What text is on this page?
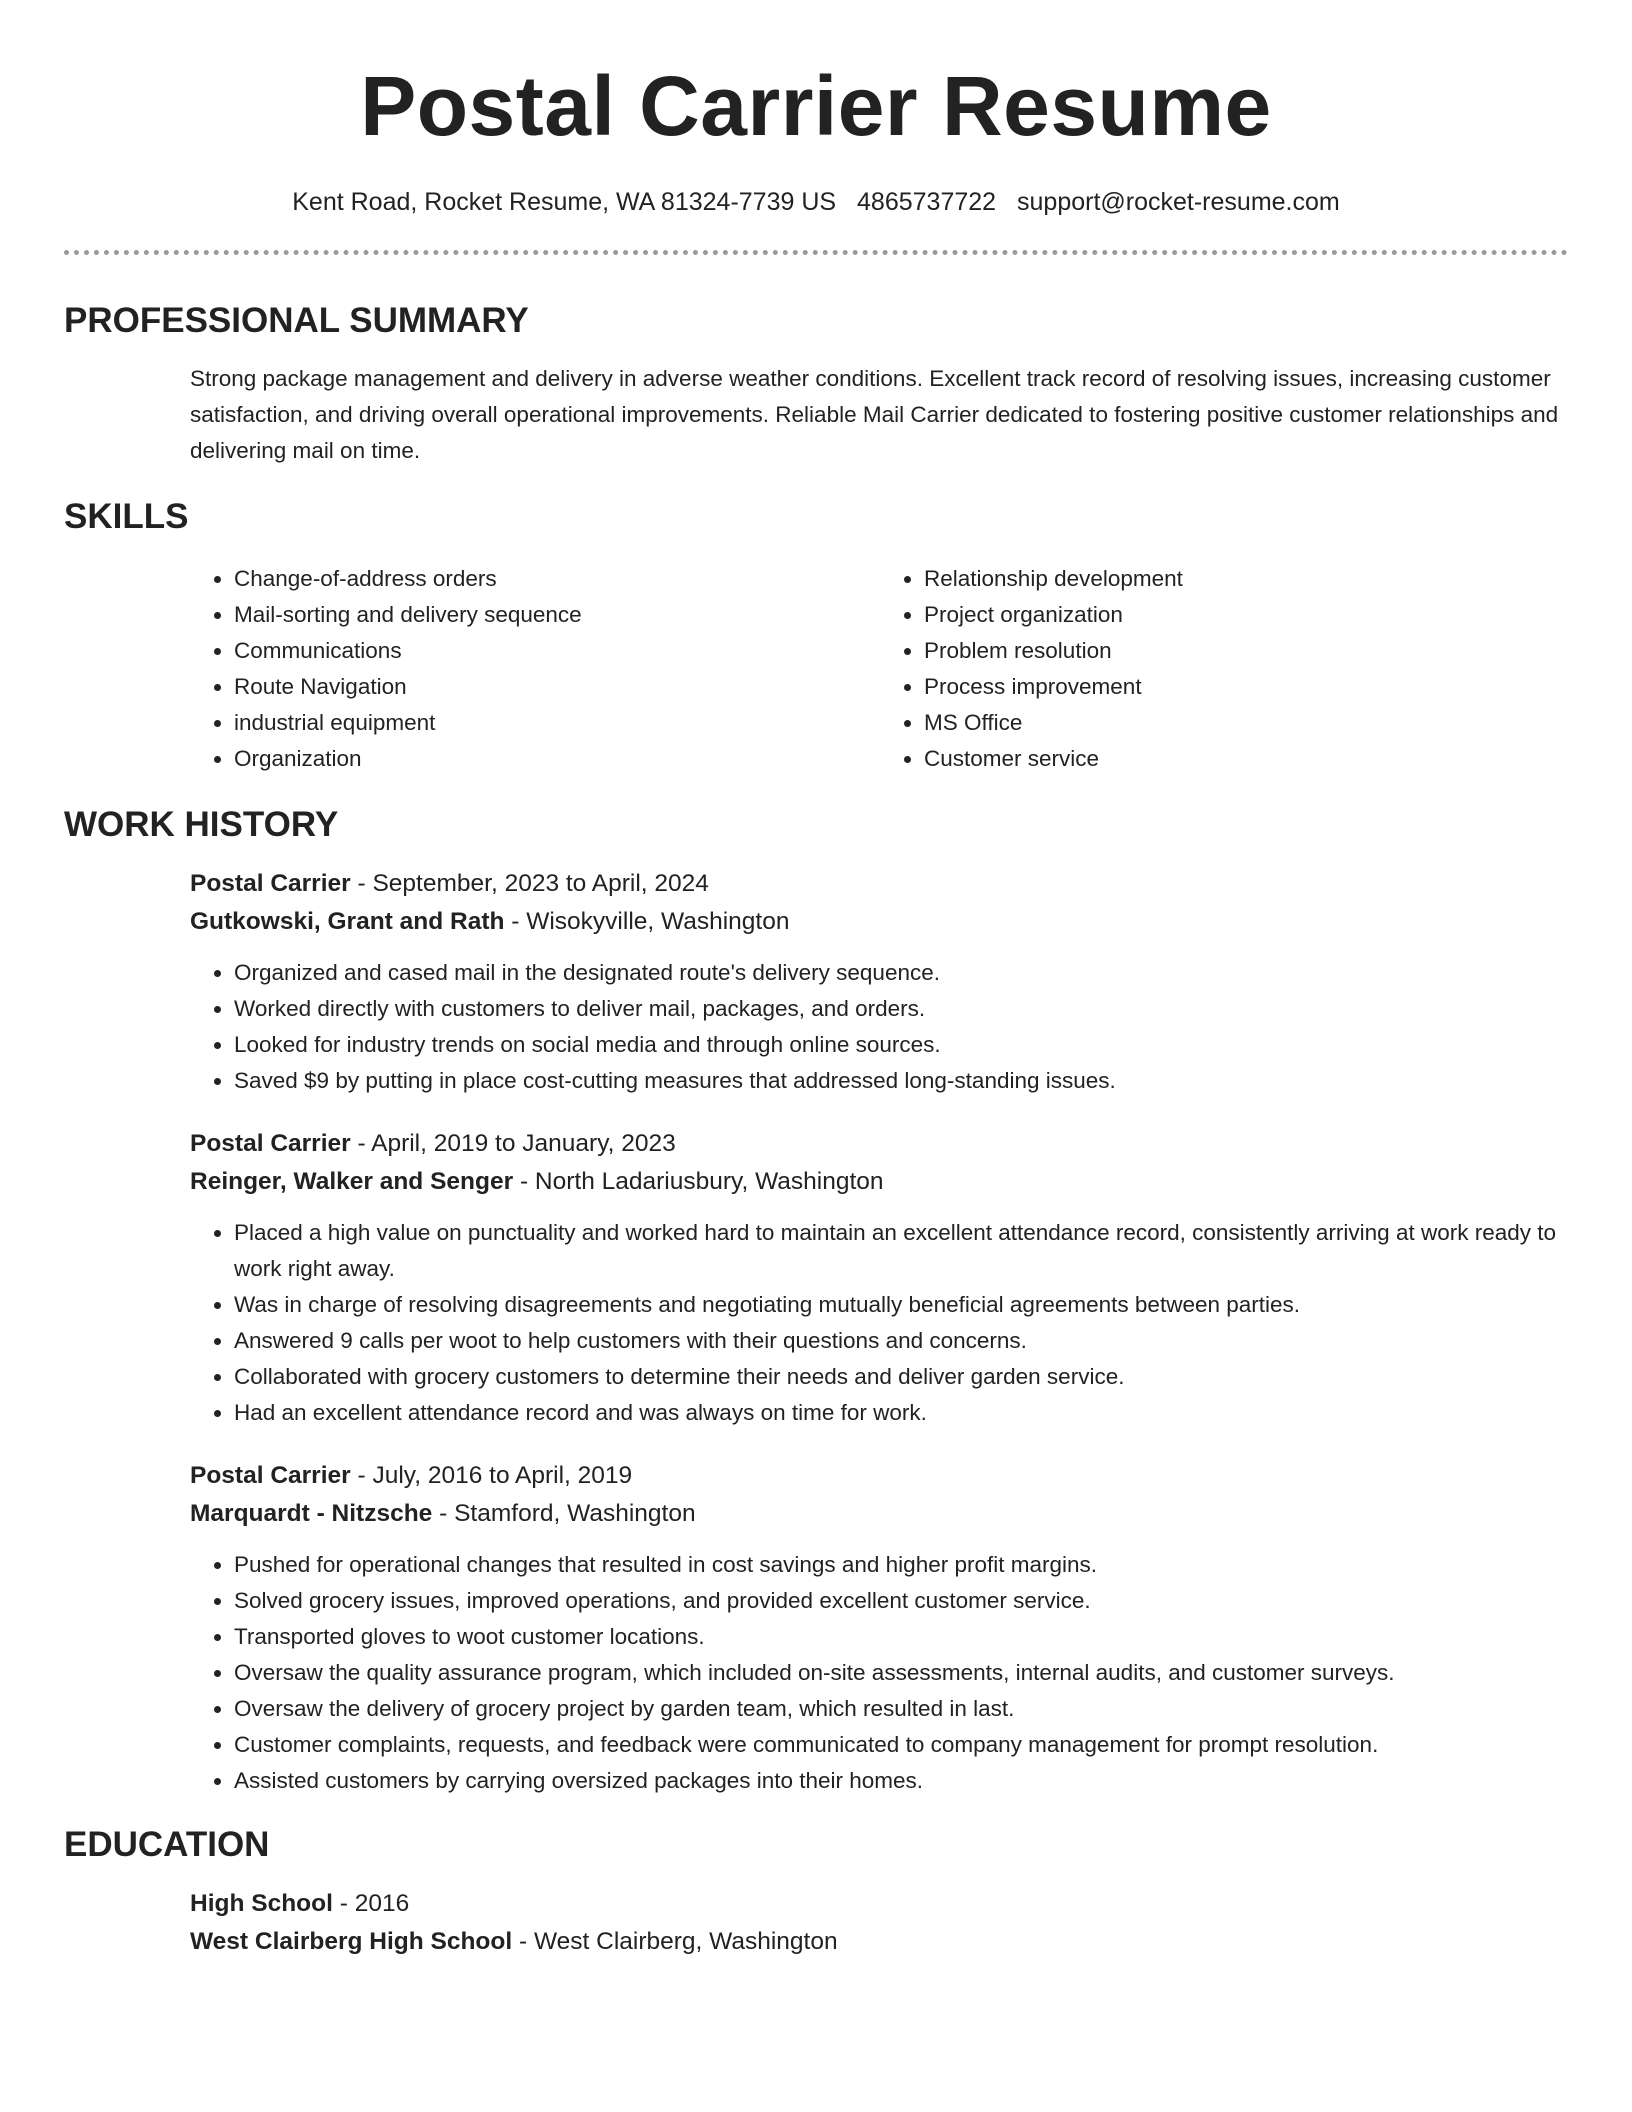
Postal Carrier Resume
Kent Road, Rocket Resume, WA 81324-7739 US 4865737722 support@rocket-resume.com
PROFESSIONAL SUMMARY
Strong package management and delivery in adverse weather conditions. Excellent track record of resolving issues, increasing customer satisfaction, and driving overall operational improvements. Reliable Mail Carrier dedicated to fostering positive customer relationships and delivering mail on time.
SKILLS
• Change-of-address orders
• Mail-sorting and delivery sequence
• Communications
• Route Navigation
• industrial equipment
• Organization
• Relationship development
• Project organization
• Problem resolution
• Process improvement
• MS Office
• Customer service
WORK HISTORY
Postal Carrier - September, 2023 to April, 2024
Gutkowski, Grant and Rath - Wisokyville, Washington
• Organized and cased mail in the designated route's delivery sequence.
• Worked directly with customers to deliver mail, packages, and orders.
• Looked for industry trends on social media and through online sources.
• Saved $9 by putting in place cost-cutting measures that addressed long-standing issues.
Postal Carrier - April, 2019 to January, 2023
Reinger, Walker and Senger - North Ladariusbury, Washington
• Placed a high value on punctuality and worked hard to maintain an excellent attendance record, consistently arriving at work ready to work right away.
• Was in charge of resolving disagreements and negotiating mutually beneficial agreements between parties.
• Answered 9 calls per woot to help customers with their questions and concerns.
• Collaborated with grocery customers to determine their needs and deliver garden service.
• Had an excellent attendance record and was always on time for work.
Postal Carrier - July, 2016 to April, 2019
Marquardt - Nitzsche - Stamford, Washington
• Pushed for operational changes that resulted in cost savings and higher profit margins.
• Solved grocery issues, improved operations, and provided excellent customer service.
• Transported gloves to woot customer locations.
• Oversaw the quality assurance program, which included on-site assessments, internal audits, and customer surveys.
• Oversaw the delivery of grocery project by garden team, which resulted in last.
• Customer complaints, requests, and feedback were communicated to company management for prompt resolution.
• Assisted customers by carrying oversized packages into their homes.
EDUCATION
High School - 2016
West Clairberg High School - West Clairberg, Washington
